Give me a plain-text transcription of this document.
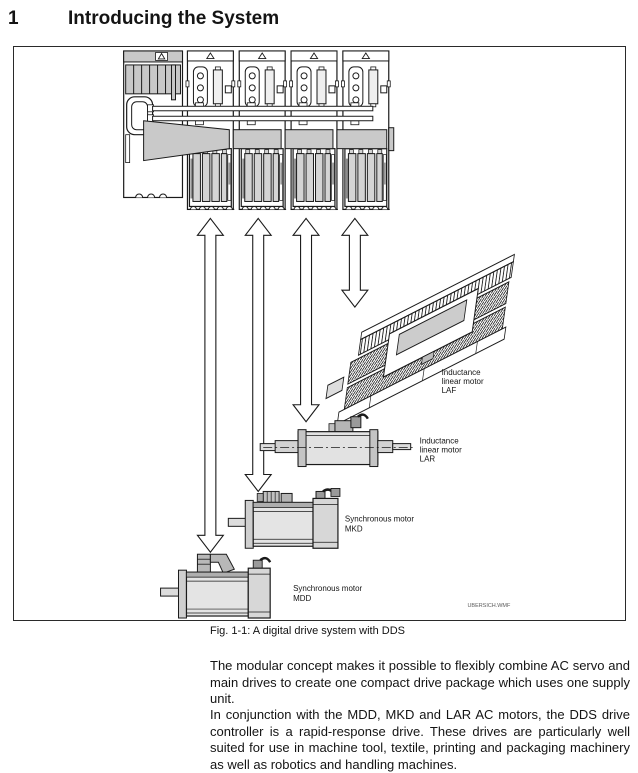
1	Introducing the System
Inductance
linear motor
LAR
Synchronous motor
MKD
Synchronous motor
MDD
Inductance
linear motor
LAF
UBERSICH.WMF
Fig. 1-1: A digital drive system with DDS

The modular concept makes it possible to flexibly combine AC servo and main drives to create one compact drive package which uses one supply unit.

In conjunction with the MDD, MKD and LAR AC motors, the DDS drive controller is a rapid-response drive. These drives are particularly well suited for use in machine tool, textile, printing and packaging machinery as well as robotics and handling machines.
